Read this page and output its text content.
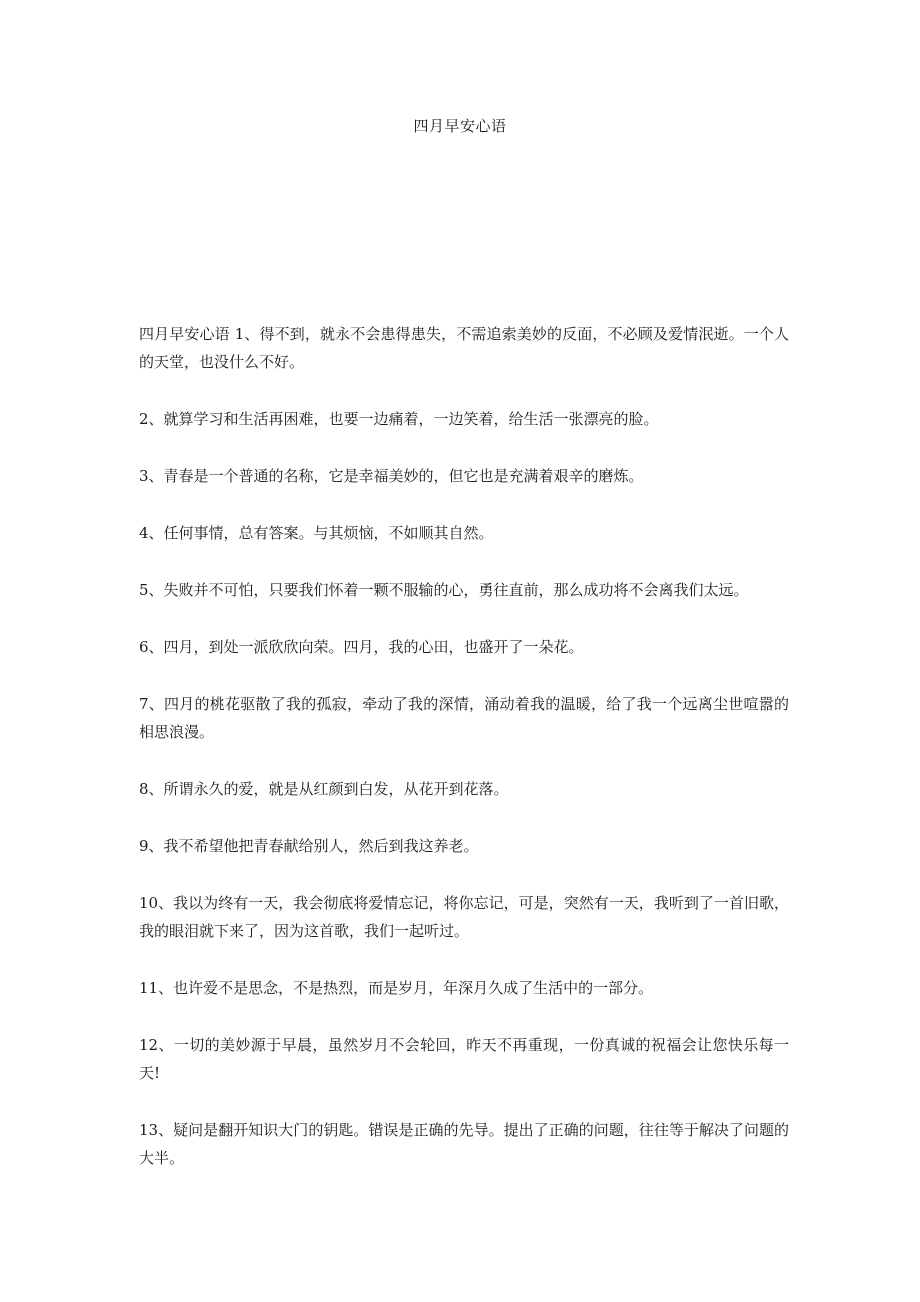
四月早安心语

四月早安心语 1、得不到，就永不会患得患失，不需追索美妙的反面，不必顾及爱情泯逝。一个人的天堂，也没什么不好。

2、就算学习和生活再困难，也要一边痛着，一边笑着，给生活一张漂亮的脸。

3、青春是一个普通的名称，它是幸福美妙的，但它也是充满着艰辛的磨炼。

4、任何事情，总有答案。与其烦恼，不如顺其自然。

5、失败并不可怕，只要我们怀着一颗不服输的心，勇往直前，那么成功将不会离我们太远。

6、四月，到处一派欣欣向荣。四月，我的心田，也盛开了一朵花。

7、四月的桃花驱散了我的孤寂，牵动了我的深情，涌动着我的温暖，给了我一个远离尘世喧嚣的相思浪漫。

8、所谓永久的爱，就是从红颜到白发，从花开到花落。

9、我不希望他把青春献给别人，然后到我这养老。

10、我以为终有一天，我会彻底将爱情忘记，将你忘记，可是，突然有一天，我听到了一首旧歌，我的眼泪就下来了，因为这首歌，我们一起听过。

11、也许爱不是思念，不是热烈，而是岁月，年深月久成了生活中的一部分。

12、一切的美妙源于早晨，虽然岁月不会轮回，昨天不再重现，一份真诚的祝福会让您快乐每一天!

13、疑问是翻开知识大门的钥匙。错误是正确的先导。提出了正确的问题，往往等于解决了问题的大半。
